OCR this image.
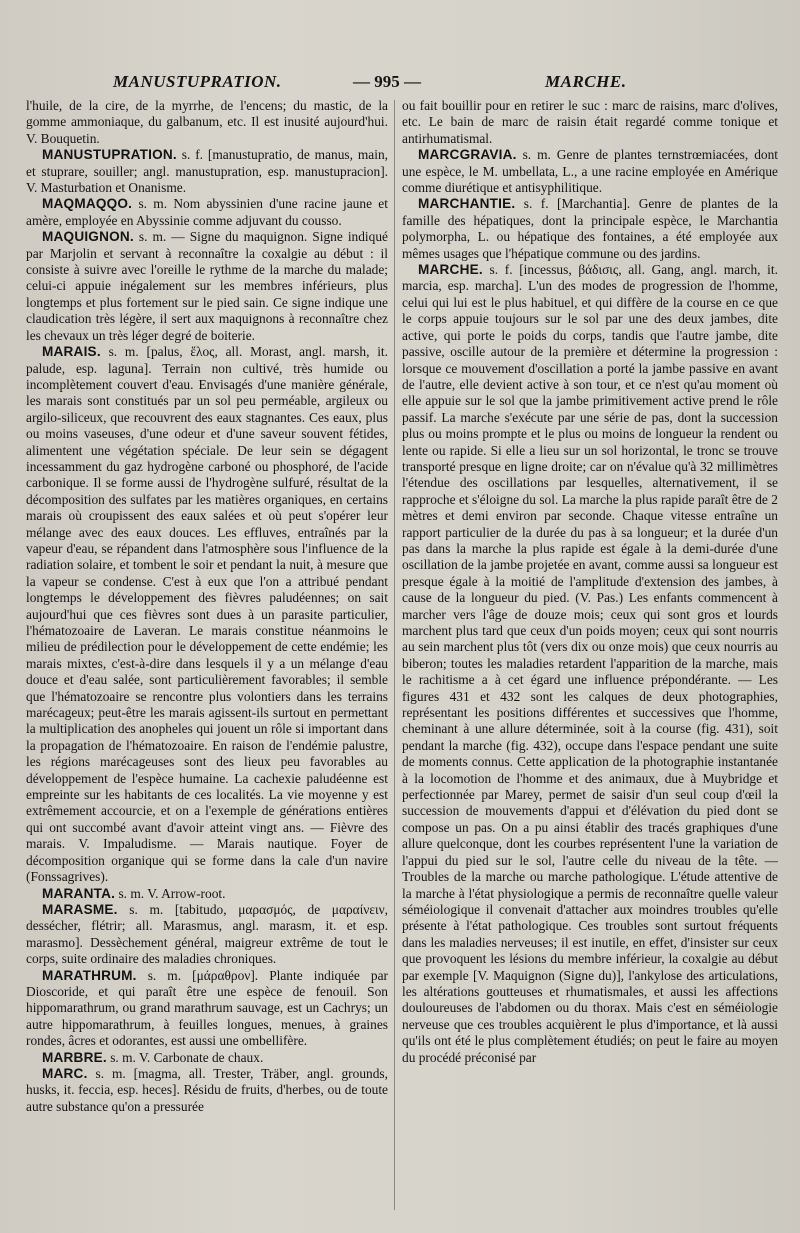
MANUSTUPRATION.	— 995 —	MARCHE.

l'huile, de la cire, de la myrrhe, de l'encens; du mastic, de la gomme ammoniaque, du galbanum, etc. Il est inusité aujourd'hui. V. Bouquetin.

MANUSTUPRATION. s. f. [manustupratio, de manus, main, et stuprare, souiller; angl. manustupration, esp. manustupracion]. V. Masturbation et Onanisme.

MAQMAQQO. s. m. Nom abyssinien d'une racine jaune et amère, employée en Abyssinie comme adjuvant du cousso.

MAQUIGNON. s. m. — Signe du maquignon. Signe indiqué par Marjolin et servant à reconnaître la coxalgie au début : il consiste à suivre avec l'oreille le rythme de la marche du malade; celui-ci appuie inégalement sur les membres inférieurs, plus longtemps et plus fortement sur le pied sain. Ce signe indique une claudication très légère, il sert aux maquignons à reconnaître chez les chevaux un très léger degré de boiterie.

MARAIS. s. m. [palus, ἕλος, all. Morast, angl. marsh, it. palude, esp. laguna]. Terrain non cultivé, très humide ou incomplètement couvert d'eau. Envisagés d'une manière générale, les marais sont constitués par un sol peu perméable, argileux ou argilo-siliceux, que recouvrent des eaux stagnantes. Ces eaux, plus ou moins vaseuses, d'une odeur et d'une saveur souvent fétides, alimentent une végétation spéciale. De leur sein se dégagent incessamment du gaz hydrogène carboné ou phosphoré, de l'acide carbonique. Il se forme aussi de l'hydrogène sulfuré, résultat de la décomposition des sulfates par les matières organiques, en certains marais où croupissent des eaux salées et où peut s'opérer leur mélange avec des eaux douces. Les effluves, entraînés par la vapeur d'eau, se répandent dans l'atmosphère sous l'influence de la radiation solaire, et tombent le soir et pendant la nuit, à mesure que la vapeur se condense. C'est à eux que l'on a attribué pendant longtemps le développement des fièvres paludéennes; on sait aujourd'hui que ces fièvres sont dues à un parasite particulier, l'hématozoaire de Laveran. Le marais constitue néanmoins le milieu de prédilection pour le développement de cette endémie; les marais mixtes, c'est-à-dire dans lesquels il y a un mélange d'eau douce et d'eau salée, sont particulièrement favorables; il semble que l'hématozoaire se rencontre plus volontiers dans les terrains marécageux; peut-être les marais agissent-ils surtout en permettant la multiplication des anopheles qui jouent un rôle si important dans la propagation de l'hématozoaire. En raison de l'endémie palustre, les régions marécageuses sont des lieux peu favorables au développement de l'espèce humaine. La cachexie paludéenne est empreinte sur les habitants de ces localités. La vie moyenne y est extrêmement accourcie, et on a l'exemple de générations entières qui ont succombé avant d'avoir atteint vingt ans. — Fièvre des marais. V. Impaludisme. — Marais nautique. Foyer de décomposition organique qui se forme dans la cale d'un navire (Fonssagrives).

MARANTA. s. m. V. Arrow-root.

MARASME. s. m. [tabitudo, μαρασμός, de μαραίνειν, dessécher, flétrir; all. Marasmus, angl. marasm, it. et esp. marasmo]. Dessèchement général, maigreur extrême de tout le corps, suite ordinaire des maladies chroniques.

MARATHRUM. s. m. [μάραθρον]. Plante indiquée par Dioscoride, et qui paraît être une espèce de fenouil. Son hippomarathrum, ou grand marathrum sauvage, est un Cachrys; un autre hippomarathrum, à feuilles longues, menues, à graines rondes, âcres et odorantes, est aussi une ombellifère.

MARBRE. s. m. V. Carbonate de chaux.

MARC. s. m. [magma, all. Trester, Träber, angl. grounds, husks, it. feccia, esp. heces]. Résidu de fruits, d'herbes, ou de toute autre substance qu'on a pressurée

ou fait bouillir pour en retirer le suc : marc de raisins, marc d'olives, etc. Le bain de marc de raisin était regardé comme tonique et antirhumatismal.

MARCGRAVIA. s. m. Genre de plantes ternstrœmiacées, dont une espèce, le M. umbellata, L., a une racine employée en Amérique comme diurétique et antisyphilitique.

MARCHANTIE. s. f. [Marchantia]. Genre de plantes de la famille des hépatiques, dont la principale espèce, le Marchantia polymorpha, L. ou hépatique des fontaines, a été employée aux mêmes usages que l'hépatique commune ou des jardins.

MARCHE. s. f. [incessus, βάδισις, all. Gang, angl. march, it. marcia, esp. marcha]. L'un des modes de progression de l'homme, celui qui lui est le plus habituel, et qui diffère de la course en ce que le corps appuie toujours sur le sol par une des deux jambes, dite active, qui porte le poids du corps, tandis que l'autre jambe, dite passive, oscille autour de la première et détermine la progression : lorsque ce mouvement d'oscillation a porté la jambe passive en avant de l'autre, elle devient active à son tour, et ce n'est qu'au moment où elle appuie sur le sol que la jambe primitivement active prend le rôle passif. La marche s'exécute par une série de pas, dont la succession plus ou moins prompte et le plus ou moins de longueur la rendent ou lente ou rapide. Si elle a lieu sur un sol horizontal, le tronc se trouve transporté presque en ligne droite; car on n'évalue qu'à 32 millimètres l'étendue des oscillations par lesquelles, alternativement, il se rapproche et s'éloigne du sol. La marche la plus rapide paraît être de 2 mètres et demi environ par seconde. Chaque vitesse entraîne un rapport particulier de la durée du pas à sa longueur; et la durée d'un pas dans la marche la plus rapide est égale à la demi-durée d'une oscillation de la jambe projetée en avant, comme aussi sa longueur est presque égale à la moitié de l'amplitude d'extension des jambes, à cause de la longueur du pied. (V. Pas.) Les enfants commencent à marcher vers l'âge de douze mois; ceux qui sont gros et lourds marchent plus tard que ceux d'un poids moyen; ceux qui sont nourris au sein marchent plus tôt (vers dix ou onze mois) que ceux nourris au biberon; toutes les maladies retardent l'apparition de la marche, mais le rachitisme a à cet égard une influence prépondérante. — Les figures 431 et 432 sont les calques de deux photographies, représentant les positions différentes et successives que l'homme, cheminant à une allure déterminée, soit à la course (fig. 431), soit pendant la marche (fig. 432), occupe dans l'espace pendant une suite de moments connus. Cette application de la photographie instantanée à la locomotion de l'homme et des animaux, due à Muybridge et perfectionnée par Marey, permet de saisir d'un seul coup d'œil la succession de mouvements d'appui et d'élévation du pied dont se compose un pas. On a pu ainsi établir des tracés graphiques d'une allure quelconque, dont les courbes représentent l'une la variation de l'appui du pied sur le sol, l'autre celle du niveau de la tête. — Troubles de la marche ou marche pathologique. L'étude attentive de la marche à l'état physiologique a permis de reconnaître quelle valeur séméiologique il convenait d'attacher aux moindres troubles qu'elle présente à l'état pathologique. Ces troubles sont surtout fréquents dans les maladies nerveuses; il est inutile, en effet, d'insister sur ceux que provoquent les lésions du membre inférieur, la coxalgie au début par exemple [V. Maquignon (Signe du)], l'ankylose des articulations, les altérations goutteuses et rhumatismales, et aussi les affections douloureuses de l'abdomen ou du thorax. Mais c'est en séméiologie nerveuse que ces troubles acquièrent le plus d'importance, et là aussi qu'ils ont été le plus complètement étudiés; on peut le faire au moyen du procédé préconisé par
